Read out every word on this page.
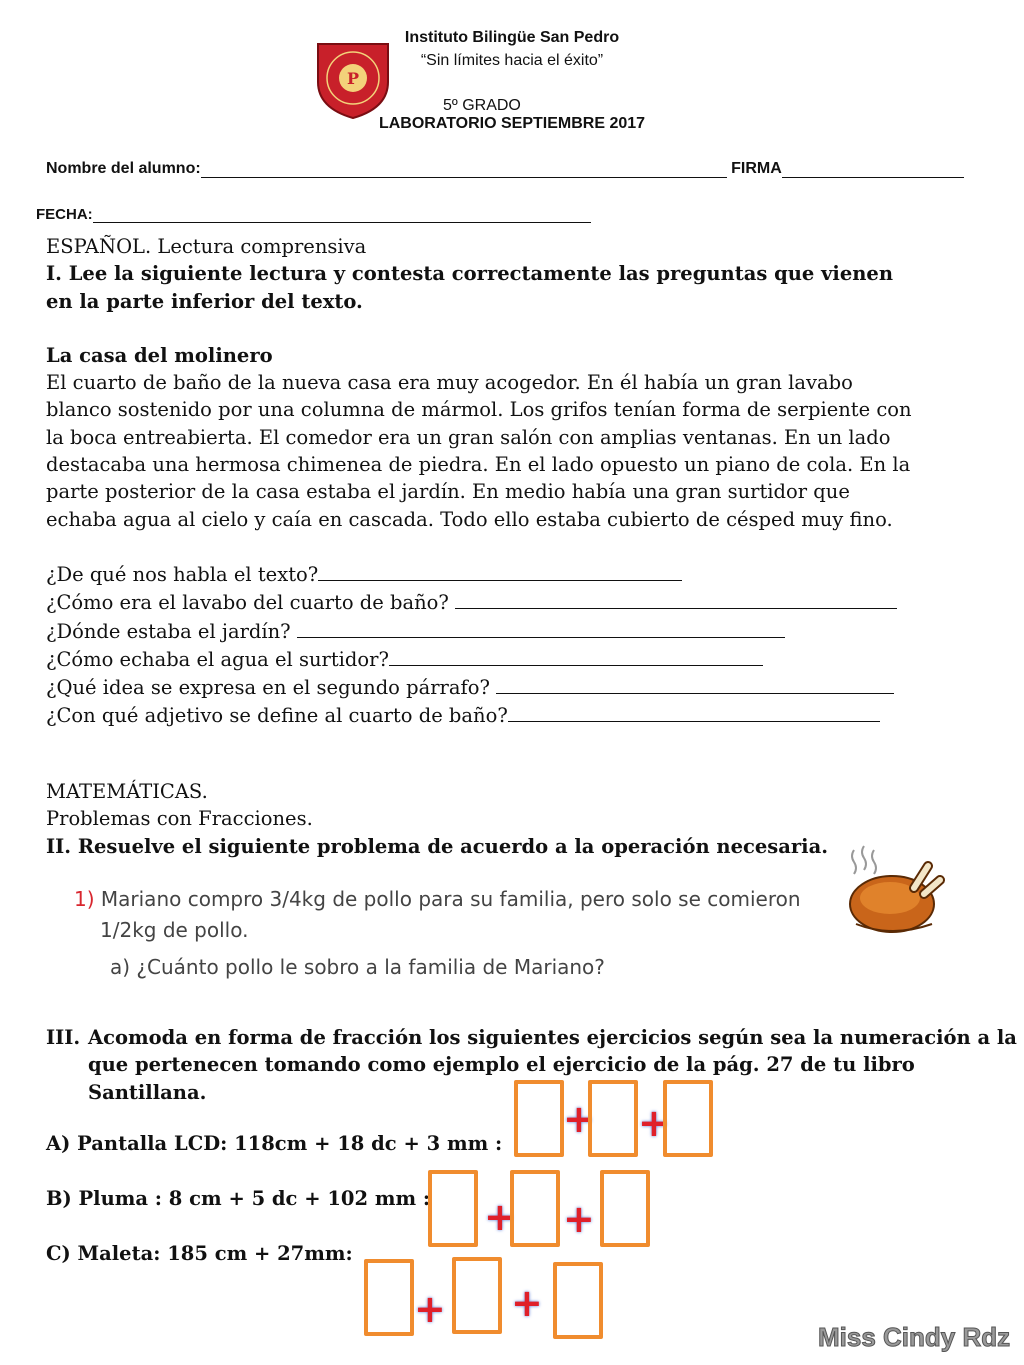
P
Instituto Bilingüe San Pedro
“Sin límites hacia el éxito”
5º GRADO
LABORATORIO SEPTIEMBRE 2017
Nombre del alumno:	FIRMA
FECHA:

ESPAÑOL. Lectura comprensiva

I. Lee la siguiente lectura y contesta correctamente las preguntas que vienen en la parte inferior del texto.

La casa del molinero

El cuarto de baño de la nueva casa era muy acogedor. En él había un gran lavabo
blanco sostenido por una columna de mármol. Los grifos tenían forma de serpiente con
la boca entreabierta. El comedor era un gran salón con amplias ventanas. En un lado
destacaba una hermosa chimenea de piedra. En el lado opuesto un piano de cola. En la
parte posterior de la casa estaba el jardín. En medio había una gran surtidor que
echaba agua al cielo y caía en cascada. Todo ello estaba cubierto de césped muy fino.
¿De qué nos habla el texto?
¿Cómo era el lavabo del cuarto de baño?
¿Dónde estaba el jardín?
¿Cómo echaba el agua el surtidor?
¿Qué idea se expresa en el segundo párrafo?
¿Con qué adjetivo se define al cuarto de baño?

MATEMÁTICAS.

Problemas con Fracciones.

II. Resuelve el siguiente problema de acuerdo a la operación necesaria.

1) Mariano compro 3/4kg de pollo para su familia, pero solo se comieron
1/2kg de pollo.
a) ¿Cuánto pollo le sobro a la familia de Mariano?
III. Acomoda en forma de fracción los siguientes ejercicios según sea la numeración a la
que pertenecen tomando como ejemplo el ejercicio de la pág. 27 de tu libro
Santillana.
A) Pantalla LCD: 118cm + 18 dc + 3 mm :
B) Pluma : 8 cm + 5 dc + 102 mm :
C) Maleta: 185 cm + 27mm:
+ +
+ +
+ +
Miss Cindy Rdz
